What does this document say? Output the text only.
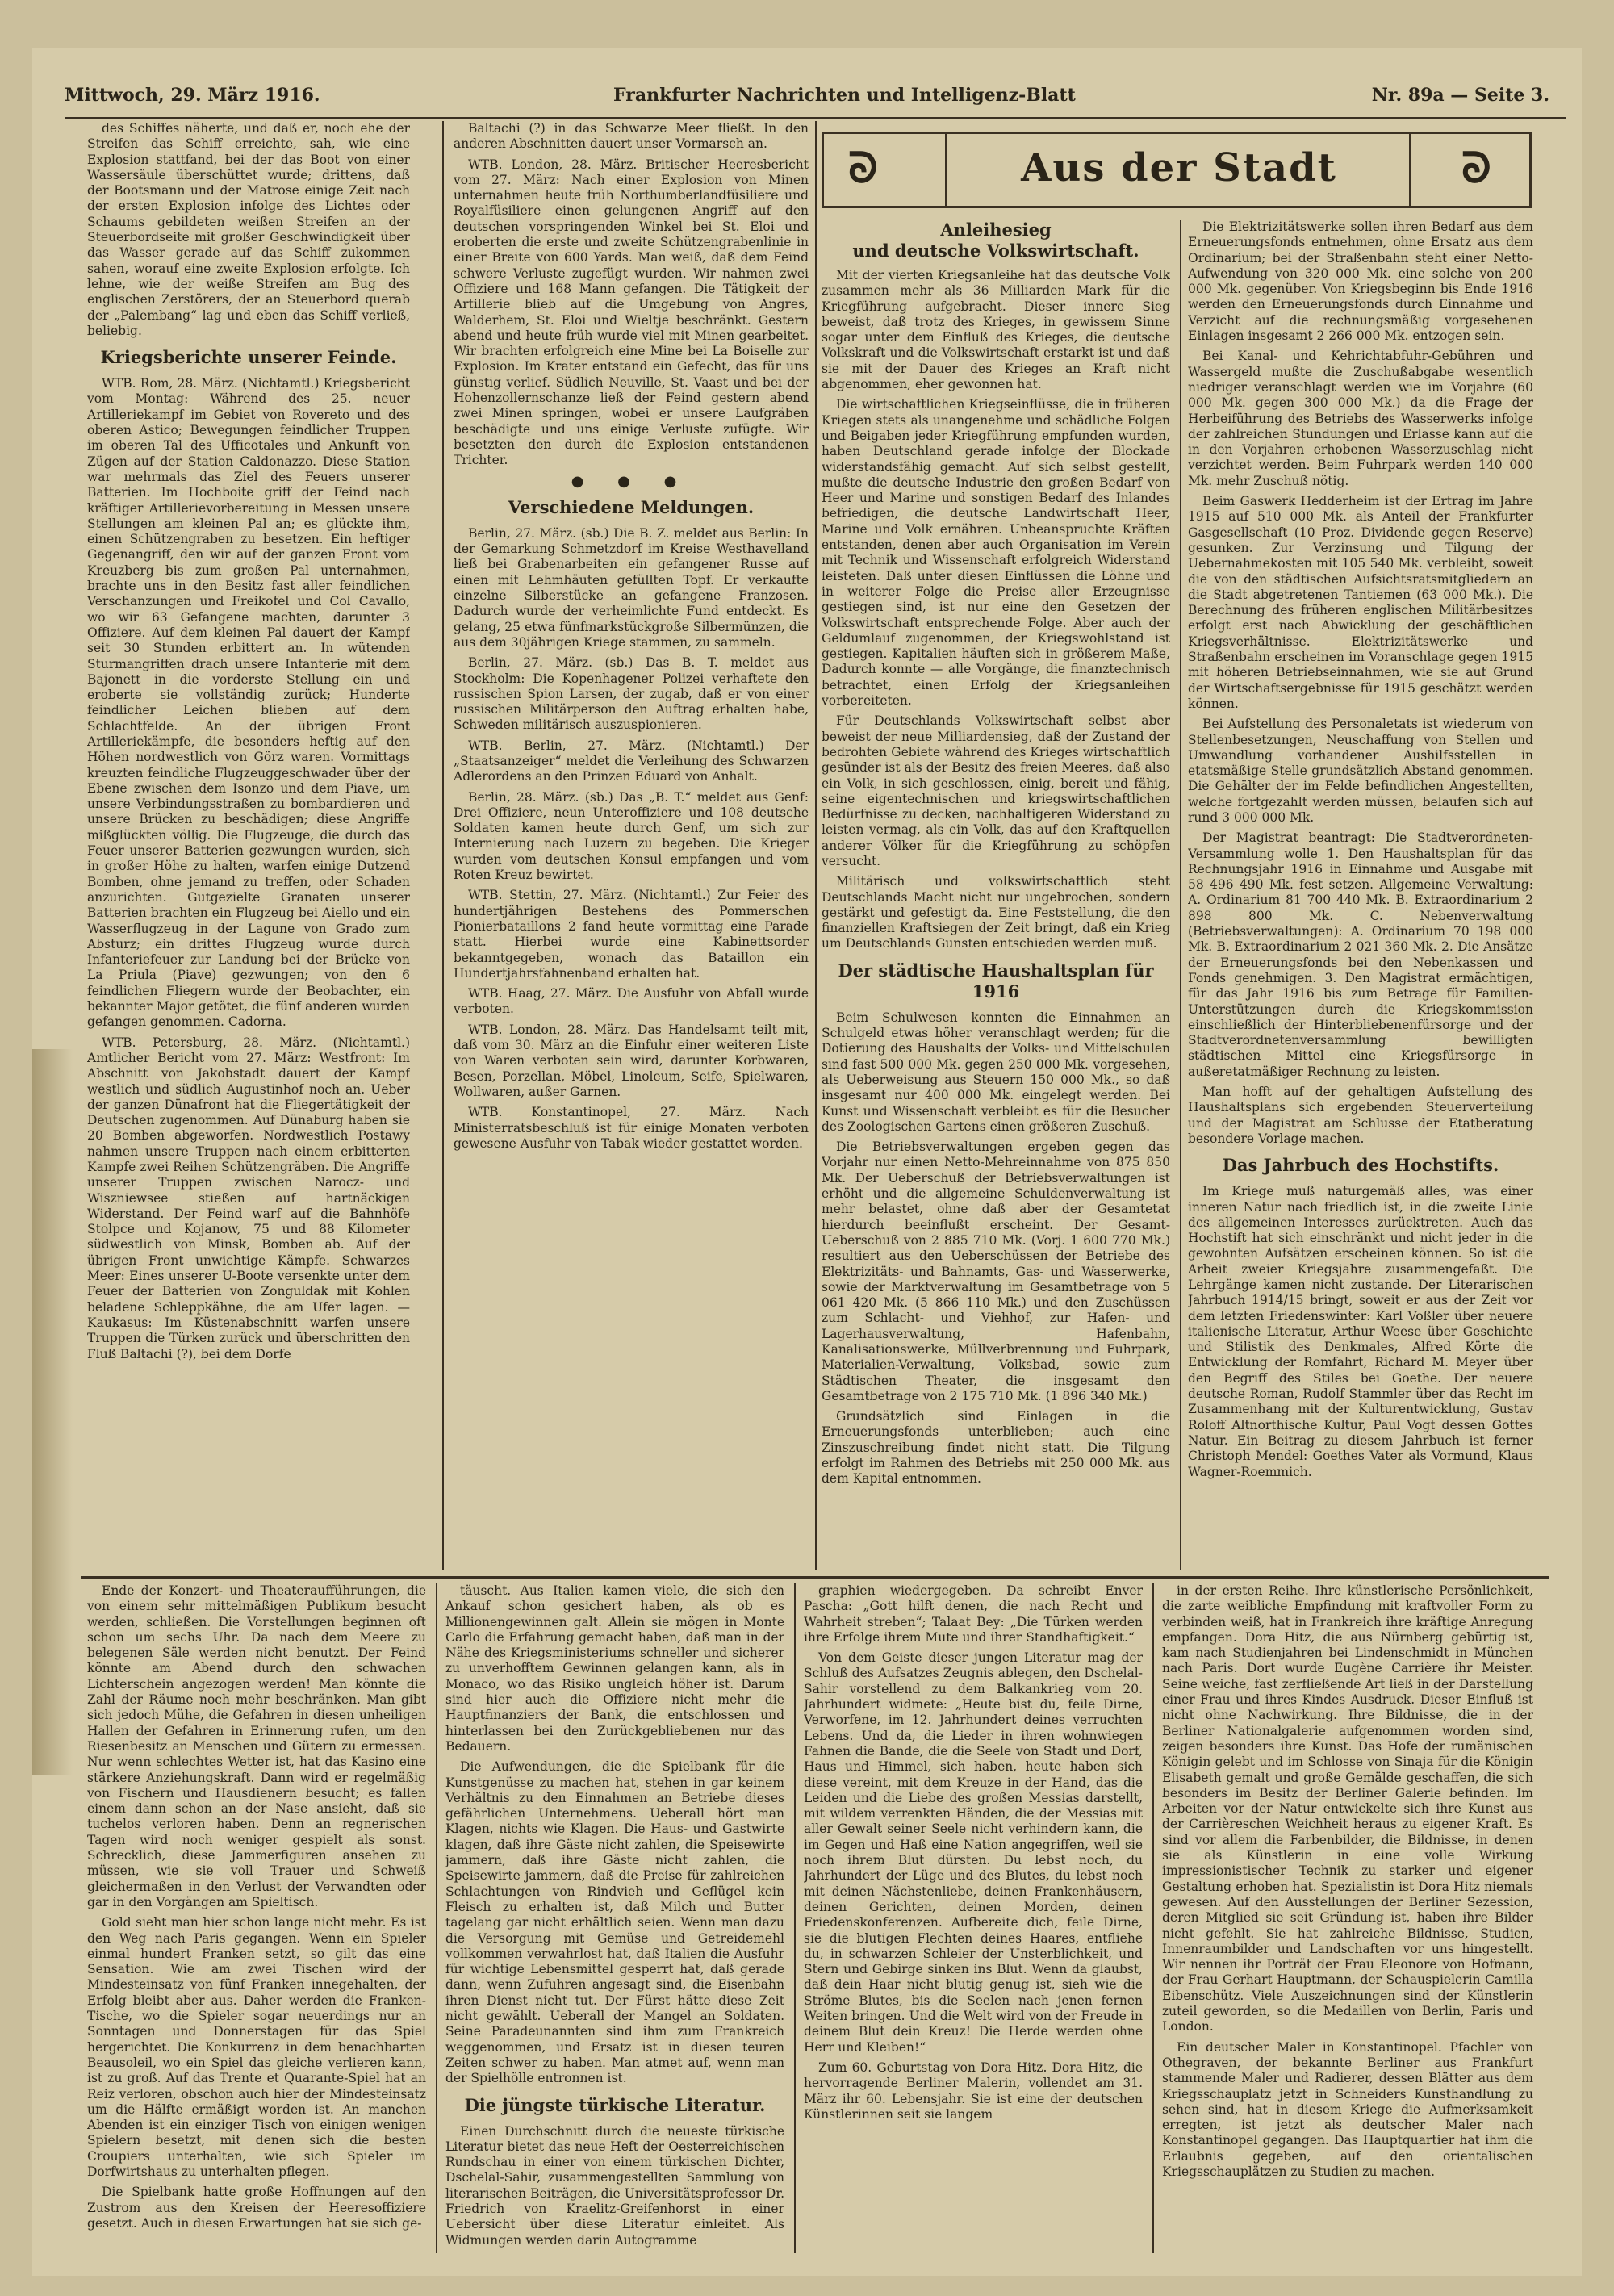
Mittwoch, 29. März 1916.	Frankfurter Nachrichten und Intelligenz-Blatt	Nr. 89a — Seite 3.

des Schiffes näherte, und daß er, noch ehe der Streifen das Schiff erreichte, sah, wie eine Explosion stattfand, bei der das Boot von einer Wassersäule überschüttet wurde; drittens, daß der Bootsmann und der Matrose einige Zeit nach der ersten Explosion infolge des Lichtes oder Schaums gebildeten weißen Streifen an der Steuerbordseite mit großer Geschwindigkeit über das Wasser gerade auf das Schiff zukommen sahen, worauf eine zweite Explosion erfolgte. Ich lehne, wie der weiße Streifen am Bug des englischen Zerstörers, der an Steuerbord querab der „Palembang“ lag und eben das Schiff verließ, beliebig.

Kriegsberichte unserer Feinde.

WTB. Rom, 28. März. (Nichtamtl.) Kriegsbericht vom Montag: Während des 25. neuer Artilleriekampf im Gebiet von Rovereto und des oberen Astico; Bewegungen feindlicher Truppen im oberen Tal des Ufficotales und Ankunft von Zügen auf der Station Caldonazzo. Diese Station war mehrmals das Ziel des Feuers unserer Batterien. Im Hochboite griff der Feind nach kräftiger Artillerievorbereitung in Messen unsere Stellungen am kleinen Pal an; es glückte ihm, einen Schützengraben zu besetzen. Ein heftiger Gegenangriff, den wir auf der ganzen Front vom Kreuzberg bis zum großen Pal unternahmen, brachte uns in den Besitz fast aller feindlichen Verschanzungen und Freikofel und Col Cavallo, wo wir 63 Gefangene machten, darunter 3 Offiziere. Auf dem kleinen Pal dauert der Kampf seit 30 Stunden erbittert an. In wütenden Sturmangriffen drach unsere Infanterie mit dem Bajonett in die vorderste Stellung ein und eroberte sie vollständig zurück; Hunderte feindlicher Leichen blieben auf dem Schlachtfelde. An der übrigen Front Artilleriekämpfe, die besonders heftig auf den Höhen nordwestlich von Görz waren. Vormittags kreuzten feindliche Flugzeuggeschwader über der Ebene zwischen dem Isonzo und dem Piave, um unsere Verbindungsstraßen zu bombardieren und unsere Brücken zu beschädigen; diese Angriffe mißglückten völlig. Die Flugzeuge, die durch das Feuer unserer Batterien gezwungen wurden, sich in großer Höhe zu halten, warfen einige Dutzend Bomben, ohne jemand zu treffen, oder Schaden anzurichten. Gutgezielte Granaten unserer Batterien brachten ein Flugzeug bei Aiello und ein Wasserflugzeug in der Lagune von Grado zum Absturz; ein drittes Flugzeug wurde durch Infanteriefeuer zur Landung bei der Brücke von La Priula (Piave) gezwungen; von den 6 feindlichen Fliegern wurde der Beobachter, ein bekannter Major getötet, die fünf anderen wurden gefangen genommen. Cadorna.

WTB. Petersburg, 28. März. (Nichtamtl.) Amtlicher Bericht vom 27. März: Westfront: Im Abschnitt von Jakobstadt dauert der Kampf westlich und südlich Augustinhof noch an. Ueber der ganzen Dünafront hat die Fliegertätigkeit der Deutschen zugenommen. Auf Dünaburg haben sie 20 Bomben abgeworfen. Nordwestlich Postawy nahmen unsere Truppen nach einem erbitterten Kampfe zwei Reihen Schützengräben. Die Angriffe unserer Truppen zwischen Narocz- und Wiszniewsee stießen auf hartnäckigen Widerstand. Der Feind warf auf die Bahnhöfe Stolpce und Kojanow, 75 und 88 Kilometer südwestlich von Minsk, Bomben ab. Auf der übrigen Front unwichtige Kämpfe. Schwarzes Meer: Eines unserer U-Boote versenkte unter dem Feuer der Batterien von Zonguldak mit Kohlen beladene Schleppkähne, die am Ufer lagen. — Kaukasus: Im Küstenabschnitt warfen unsere Truppen die Türken zurück und überschritten den Fluß Baltachi (?), bei dem Dorfe

Baltachi (?) in das Schwarze Meer fließt. In den anderen Abschnitten dauert unser Vormarsch an.

WTB. London, 28. März. Britischer Heeresbericht vom 27. März: Nach einer Explosion von Minen unternahmen heute früh Northumberlandfüsiliere und Royalfüsiliere einen gelungenen Angriff auf den deutschen vorspringenden Winkel bei St. Eloi und eroberten die erste und zweite Schützengrabenlinie in einer Breite von 600 Yards. Man weiß, daß dem Feind schwere Verluste zugefügt wurden. Wir nahmen zwei Offiziere und 168 Mann gefangen. Die Tätigkeit der Artillerie blieb auf die Umgebung von Angres, Walderhem, St. Eloi und Wieltje beschränkt. Gestern abend und heute früh wurde viel mit Minen gearbeitet. Wir brachten erfolgreich eine Mine bei La Boiselle zur Explosion. Im Krater entstand ein Gefecht, das für uns günstig verlief. Südlich Neuville, St. Vaast und bei der Hohenzollernschanze ließ der Feind gestern abend zwei Minen springen, wobei er unsere Laufgräben beschädigte und uns einige Verluste zufügte. Wir besetzten den durch die Explosion entstandenen Trichter.

● ● ●
Verschiedene Meldungen.

Berlin, 27. März. (sb.) Die B. Z. meldet aus Berlin: In der Gemarkung Schmetzdorf im Kreise Westhavelland ließ bei Grabenarbeiten ein gefangener Russe auf einen mit Lehmhäuten gefüllten Topf. Er verkaufte einzelne Silberstücke an gefangene Franzosen. Dadurch wurde der verheimlichte Fund entdeckt. Es gelang, 25 etwa fünfmarkstückgroße Silbermünzen, die aus dem 30jährigen Kriege stammen, zu sammeln.

Berlin, 27. März. (sb.) Das B. T. meldet aus Stockholm: Die Kopenhagener Polizei verhaftete den russischen Spion Larsen, der zugab, daß er von einer russischen Militärperson den Auftrag erhalten habe, Schweden militärisch auszuspionieren.

WTB. Berlin, 27. März. (Nichtamtl.) Der „Staatsanzeiger“ meldet die Verleihung des Schwarzen Adlerordens an den Prinzen Eduard von Anhalt.

Berlin, 28. März. (sb.) Das „B. T.“ meldet aus Genf: Drei Offiziere, neun Unteroffiziere und 108 deutsche Soldaten kamen heute durch Genf, um sich zur Internierung nach Luzern zu begeben. Die Krieger wurden vom deutschen Konsul empfangen und vom Roten Kreuz bewirtet.

WTB. Stettin, 27. März. (Nichtamtl.) Zur Feier des hundertjährigen Bestehens des Pommerschen Pionierbataillons 2 fand heute vormittag eine Parade statt. Hierbei wurde eine Kabinettsorder bekanntgegeben, wonach das Bataillon ein Hundertjahrsfahnenband erhalten hat.

WTB. Haag, 27. März. Die Ausfuhr von Abfall wurde verboten.

WTB. London, 28. März. Das Handelsamt teilt mit, daß vom 30. März an die Einfuhr einer weiteren Liste von Waren verboten sein wird, darunter Korbwaren, Besen, Porzellan, Möbel, Linoleum, Seife, Spielwaren, Wollwaren, außer Garnen.

WTB. Konstantinopel, 27. März. Nach Ministerratsbeschluß ist für einige Monaten verboten gewesene Ausfuhr von Tabak wieder gestattet worden.

ᘐ	Aus der Stadt	ᘐ
Anleihesieg
und deutsche Volkswirtschaft.

Mit der vierten Kriegsanleihe hat das deutsche Volk zusammen mehr als 36 Milliarden Mark für die Kriegführung aufgebracht. Dieser innere Sieg beweist, daß trotz des Krieges, in gewissem Sinne sogar unter dem Einfluß des Krieges, die deutsche Volkskraft und die Volkswirtschaft erstarkt ist und daß sie mit der Dauer des Krieges an Kraft nicht abgenommen, eher gewonnen hat.

Die wirtschaftlichen Kriegseinflüsse, die in früheren Kriegen stets als unangenehme und schädliche Folgen und Beigaben jeder Kriegführung empfunden wurden, haben Deutschland gerade infolge der Blockade widerstandsfähig gemacht. Auf sich selbst gestellt, mußte die deutsche Industrie den großen Bedarf von Heer und Marine und sonstigen Bedarf des Inlandes befriedigen, die deutsche Landwirtschaft Heer, Marine und Volk ernähren. Unbeanspruchte Kräften entstanden, denen aber auch Organisation im Verein mit Technik und Wissenschaft erfolgreich Widerstand leisteten. Daß unter diesen Einflüssen die Löhne und in weiterer Folge die Preise aller Erzeugnisse gestiegen sind, ist nur eine den Gesetzen der Volkswirtschaft entsprechende Folge. Aber auch der Geldumlauf zugenommen, der Kriegswohlstand ist gestiegen. Kapitalien häuften sich in größerem Maße, Dadurch konnte — alle Vorgänge, die finanztechnisch betrachtet, einen Erfolg der Kriegsanleihen vorbereiteten.

Für Deutschlands Volkswirtschaft selbst aber beweist der neue Milliardensieg, daß der Zustand der bedrohten Gebiete während des Krieges wirtschaftlich gesünder ist als der Besitz des freien Meeres, daß also ein Volk, in sich geschlossen, einig, bereit und fähig, seine eigentechnischen und kriegswirtschaftlichen Bedürfnisse zu decken, nachhaltigeren Widerstand zu leisten vermag, als ein Volk, das auf den Kraftquellen anderer Völker für die Kriegführung zu schöpfen versucht.

Militärisch und volkswirtschaftlich steht Deutschlands Macht nicht nur ungebrochen, sondern gestärkt und gefestigt da. Eine Feststellung, die den finanziellen Kraftsiegen der Zeit bringt, daß ein Krieg um Deutschlands Gunsten entschieden werden muß.

Der städtische Haushaltsplan für 1916

Beim Schulwesen konnten die Einnahmen an Schulgeld etwas höher veranschlagt werden; für die Dotierung des Haushalts der Volks- und Mittelschulen sind fast 500 000 Mk. gegen 250 000 Mk. vorgesehen, als Ueberweisung aus Steuern 150 000 Mk., so daß insgesamt nur 400 000 Mk. eingelegt werden. Bei Kunst und Wissenschaft verbleibt es für die Besucher des Zoologischen Gartens einen größeren Zuschuß.

Die Betriebsverwaltungen ergeben gegen das Vorjahr nur einen Netto-Mehreinnahme von 875 850 Mk. Der Ueberschuß der Betriebsverwaltungen ist erhöht und die allgemeine Schuldenverwaltung ist mehr belastet, ohne daß aber der Gesamtetat hierdurch beeinflußt erscheint. Der Gesamt-Ueberschuß von 2 885 710 Mk. (Vorj. 1 600 770 Mk.) resultiert aus den Ueberschüssen der Betriebe des Elektrizitäts- und Bahnamts, Gas- und Wasserwerke, sowie der Marktverwaltung im Gesamtbetrage von 5 061 420 Mk. (5 866 110 Mk.) und den Zuschüssen zum Schlacht- und Viehhof, zur Hafen- und Lagerhausverwaltung, Hafenbahn, Kanalisationswerke, Müllverbrennung und Fuhrpark, Materialien-Verwaltung, Volksbad, sowie zum Städtischen Theater, die insgesamt den Gesamtbetrage von 2 175 710 Mk. (1 896 340 Mk.)

Grundsätzlich sind Einlagen in die Erneuerungsfonds unterblieben; auch eine Zinszuschreibung findet nicht statt. Die Tilgung erfolgt im Rahmen des Betriebs mit 250 000 Mk. aus dem Kapital entnommen.

Die Elektrizitätswerke sollen ihren Bedarf aus dem Erneuerungsfonds entnehmen, ohne Ersatz aus dem Ordinarium; bei der Straßenbahn steht einer Netto-Aufwendung von 320 000 Mk. eine solche von 200 000 Mk. gegenüber. Von Kriegsbeginn bis Ende 1916 werden den Erneuerungsfonds durch Einnahme und Verzicht auf die rechnungsmäßig vorgesehenen Einlagen insgesamt 2 266 000 Mk. entzogen sein.

Bei Kanal- und Kehrichtabfuhr-Gebühren und Wassergeld mußte die Zuschußabgabe wesentlich niedriger veranschlagt werden wie im Vorjahre (60 000 Mk. gegen 300 000 Mk.) da die Frage der Herbeiführung des Betriebs des Wasserwerks infolge der zahlreichen Stundungen und Erlasse kann auf die in den Vorjahren erhobenen Wasserzuschlag nicht verzichtet werden. Beim Fuhrpark werden 140 000 Mk. mehr Zuschuß nötig.

Beim Gaswerk Hedderheim ist der Ertrag im Jahre 1915 auf 510 000 Mk. als Anteil der Frankfurter Gasgesellschaft (10 Proz. Dividende gegen Reserve) gesunken. Zur Verzinsung und Tilgung der Uebernahmekosten mit 105 540 Mk. verbleibt, soweit die von den städtischen Aufsichtsratsmitgliedern an die Stadt abgetretenen Tantiemen (63 000 Mk.). Die Berechnung des früheren englischen Militärbesitzes erfolgt erst nach Abwicklung der geschäftlichen Kriegsverhältnisse. Elektrizitätswerke und Straßenbahn erscheinen im Voranschlage gegen 1915 mit höheren Betriebseinnahmen, wie sie auf Grund der Wirtschaftsergebnisse für 1915 geschätzt werden können.

Bei Aufstellung des Personaletats ist wiederum von Stellenbesetzungen, Neuschaffung von Stellen und Umwandlung vorhandener Aushilfsstellen in etatsmäßige Stelle grundsätzlich Abstand genommen. Die Gehälter der im Felde befindlichen Angestellten, welche fortgezahlt werden müssen, belaufen sich auf rund 3 000 000 Mk.

Der Magistrat beantragt: Die Stadtverordneten-Versammlung wolle 1. Den Haushaltsplan für das Rechnungsjahr 1916 in Einnahme und Ausgabe mit 58 496 490 Mk. fest setzen. Allgemeine Verwaltung: A. Ordinarium 81 700 440 Mk. B. Extraordinarium 2 898 800 Mk. C. Nebenverwaltung (Betriebsverwaltungen): A. Ordinarium 70 198 000 Mk. B. Extraordinarium 2 021 360 Mk. 2. Die Ansätze der Erneuerungsfonds bei den Nebenkassen und Fonds genehmigen. 3. Den Magistrat ermächtigen, für das Jahr 1916 bis zum Betrage für Familien-Unterstützungen durch die Kriegskommission einschließlich der Hinterbliebenenfürsorge und der Stadtverordnetenversammlung bewilligten städtischen Mittel eine Kriegsfürsorge in außeretatmäßiger Rechnung zu leisten.

Man hofft auf der gehaltigen Aufstellung des Haushaltsplans sich ergebenden Steuerverteilung und der Magistrat am Schlusse der Etatberatung besondere Vorlage machen.

Das Jahrbuch des Hochstifts.

Im Kriege muß naturgemäß alles, was einer inneren Natur nach friedlich ist, in die zweite Linie des allgemeinen Interesses zurücktreten. Auch das Hochstift hat sich einschränkt und nicht jeder in die gewohnten Aufsätzen erscheinen können. So ist die Arbeit zweier Kriegsjahre zusammengefaßt. Die Lehrgänge kamen nicht zustande. Der Literarischen Jahrbuch 1914/15 bringt, soweit er aus der Zeit vor dem letzten Friedenswinter: Karl Voßler über neuere italienische Literatur, Arthur Weese über Geschichte und Stilistik des Denkmales, Alfred Körte die Entwicklung der Romfahrt, Richard M. Meyer über den Begriff des Stiles bei Goethe. Der neuere deutsche Roman, Rudolf Stammler über das Recht im Zusammenhang mit der Kulturentwicklung, Gustav Roloff Altnorthische Kultur, Paul Vogt dessen Gottes Natur. Ein Beitrag zu diesem Jahrbuch ist ferner Christoph Mendel: Goethes Vater als Vormund, Klaus Wagner-Roemmich.

Ende der Konzert- und Theateraufführungen, die von einem sehr mittelmäßigen Publikum besucht werden, schließen. Die Vorstellungen beginnen oft schon um sechs Uhr. Da nach dem Meere zu belegenen Säle werden nicht benutzt. Der Feind könnte am Abend durch den schwachen Lichterschein angezogen werden! Man könnte die Zahl der Räume noch mehr beschränken. Man gibt sich jedoch Mühe, die Gefahren in diesen unheiligen Hallen der Gefahren in Erinnerung rufen, um den Riesenbesitz an Menschen und Gütern zu ermessen. Nur wenn schlechtes Wetter ist, hat das Kasino eine stärkere Anziehungskraft. Dann wird er regelmäßig von Fischern und Hausdienern besucht; es fallen einem dann schon an der Nase ansieht, daß sie tuchelos verloren haben. Denn an regnerischen Tagen wird noch weniger gespielt als sonst. Schrecklich, diese Jammerfiguren ansehen zu müssen, wie sie voll Trauer und Schweiß gleichermaßen in den Verlust der Verwandten oder gar in den Vorgängen am Spieltisch.

Gold sieht man hier schon lange nicht mehr. Es ist den Weg nach Paris gegangen. Wenn ein Spieler einmal hundert Franken setzt, so gilt das eine Sensation. Wie am zwei Tischen wird der Mindesteinsatz von fünf Franken innegehalten, der Erfolg bleibt aber aus. Daher werden die Franken-Tische, wo die Spieler sogar neuerdings nur an Sonntagen und Donnerstagen für das Spiel hergerichtet. Die Konkurrenz in dem benachbarten Beausoleil, wo ein Spiel das gleiche verlieren kann, ist zu groß. Auf das Trente et Quarante-Spiel hat an Reiz verloren, obschon auch hier der Mindesteinsatz um die Hälfte ermäßigt worden ist. An manchen Abenden ist ein einziger Tisch von einigen wenigen Spielern besetzt, mit denen sich die besten Croupiers unterhalten, wie sich Spieler im Dorfwirtshaus zu unterhalten pflegen.

Die Spielbank hatte große Hoffnungen auf den Zustrom aus den Kreisen der Heeresoffiziere gesetzt. Auch in diesen Erwartungen hat sie sich ge-

täuscht. Aus Italien kamen viele, die sich den Ankauf schon gesichert haben, als ob es Millionengewinnen galt. Allein sie mögen in Monte Carlo die Erfahrung gemacht haben, daß man in der Nähe des Kriegsministeriums schneller und sicherer zu unverhofftem Gewinnen gelangen kann, als in Monaco, wo das Risiko ungleich höher ist. Darum sind hier auch die Offiziere nicht mehr die Hauptfinanziers der Bank, die entschlossen und hinterlassen bei den Zurückgebliebenen nur das Bedauern.

Die Aufwendungen, die die Spielbank für die Kunstgenüsse zu machen hat, stehen in gar keinem Verhältnis zu den Einnahmen an Betriebe dieses gefährlichen Unternehmens. Ueberall hört man Klagen, nichts wie Klagen. Die Haus- und Gastwirte klagen, daß ihre Gäste nicht zahlen, die Speisewirte jammern, daß ihre Gäste nicht zahlen, die Speisewirte jammern, daß die Preise für zahlreichen Schlachtungen von Rindvieh und Geflügel kein Fleisch zu erhalten ist, daß Milch und Butter tagelang gar nicht erhältlich seien. Wenn man dazu die Versorgung mit Gemüse und Getreidemehl vollkommen verwahrlost hat, daß Italien die Ausfuhr für wichtige Lebensmittel gesperrt hat, daß gerade dann, wenn Zufuhren angesagt sind, die Eisenbahn ihren Dienst nicht tut. Der Fürst hätte diese Zeit nicht gewählt. Ueberall der Mangel an Soldaten. Seine Paradeunannten sind ihm zum Frankreich weggenommen, und Ersatz ist in diesen teuren Zeiten schwer zu haben. Man atmet auf, wenn man der Spielhölle entronnen ist.

Die jüngste türkische Literatur.

Einen Durchschnitt durch die neueste türkische Literatur bietet das neue Heft der Oesterreichischen Rundschau in einer von einem türkischen Dichter, Dschelal-Sahir, zusammengestellten Sammlung von literarischen Beiträgen, die Universitätsprofessor Dr. Friedrich von Kraelitz-Greifenhorst in einer Uebersicht über diese Literatur einleitet. Als Widmungen werden darin Autogramme

graphien wiedergegeben. Da schreibt Enver Pascha: „Gott hilft denen, die nach Recht und Wahrheit streben“; Talaat Bey: „Die Türken werden ihre Erfolge ihrem Mute und ihrer Standhaftigkeit.“

Von dem Geiste dieser jungen Literatur mag der Schluß des Aufsatzes Zeugnis ablegen, den Dschelal-Sahir vorstellend zu dem Balkankrieg vom 20. Jahrhundert widmete: „Heute bist du, feile Dirne, Verworfene, im 12. Jahrhundert deines verruchten Lebens. Und da, die Lieder in ihren wohnwiegen Fahnen die Bande, die die Seele von Stadt und Dorf, Haus und Himmel, sich haben, heute haben sich diese vereint, mit dem Kreuze in der Hand, das die Leiden und die Liebe des großen Messias darstellt, mit wildem verrenkten Händen, die der Messias mit aller Gewalt seiner Seele nicht verhindern kann, die im Gegen und Haß eine Nation angegriffen, weil sie noch ihrem Blut dürsten. Du lebst noch, du Jahrhundert der Lüge und des Blutes, du lebst noch mit deinen Nächstenliebe, deinen Frankenhäusern, deinen Gerichten, deinen Morden, deinen Friedenskonferenzen. Aufbereite dich, feile Dirne, sie die blutigen Flechten deines Haares, entfliehe du, in schwarzen Schleier der Unsterblichkeit, und Stern und Gebirge sinken ins Blut. Wenn da glaubst, daß dein Haar nicht blutig genug ist, sieh wie die Ströme Blutes, bis die Seelen nach jenen fernen Weiten bringen. Und die Welt wird von der Freude in deinem Blut dein Kreuz! Die Herde werden ohne Herr und Kleiben!“

Zum 60. Geburtstag von Dora Hitz. Dora Hitz, die hervorragende Berliner Malerin, vollendet am 31. März ihr 60. Lebensjahr. Sie ist eine der deutschen Künstlerinnen seit sie langem

in der ersten Reihe. Ihre künstlerische Persönlichkeit, die zarte weibliche Empfindung mit kraftvoller Form zu verbinden weiß, hat in Frankreich ihre kräftige Anregung empfangen. Dora Hitz, die aus Nürnberg gebürtig ist, kam nach Studienjahren bei Lindenschmidt in München nach Paris. Dort wurde Eugène Carrière ihr Meister. Seine weiche, fast zerfließende Art ließ in der Darstellung einer Frau und ihres Kindes Ausdruck. Dieser Einfluß ist nicht ohne Nachwirkung. Ihre Bildnisse, die in der Berliner Nationalgalerie aufgenommen worden sind, zeigen besonders ihre Kunst. Das Hofe der rumänischen Königin gelebt und im Schlosse von Sinaja für die Königin Elisabeth gemalt und große Gemälde geschaffen, die sich besonders im Besitz der Berliner Galerie befinden. Im Arbeiten vor der Natur entwickelte sich ihre Kunst aus der Carrièreschen Weichheit heraus zu eigener Kraft. Es sind vor allem die Farbenbilder, die Bildnisse, in denen sie als Künstlerin in eine volle Wirkung impressionistischer Technik zu starker und eigener Gestaltung erhoben hat. Spezialistin ist Dora Hitz niemals gewesen. Auf den Ausstellungen der Berliner Sezession, deren Mitglied sie seit Gründung ist, haben ihre Bilder nicht gefehlt. Sie hat zahlreiche Bildnisse, Studien, Innenraumbilder und Landschaften vor uns hingestellt. Wir nennen ihr Porträt der Frau Eleonore von Hofmann, der Frau Gerhart Hauptmann, der Schauspielerin Camilla Eibenschütz. Viele Auszeichnungen sind der Künstlerin zuteil geworden, so die Medaillen von Berlin, Paris und London.

Ein deutscher Maler in Konstantinopel. Pfachler von Othegraven, der bekannte Berliner aus Frankfurt stammende Maler und Radierer, dessen Blätter aus dem Kriegsschauplatz jetzt in Schneiders Kunsthandlung zu sehen sind, hat in diesem Kriege die Aufmerksamkeit erregten, ist jetzt als deutscher Maler nach Konstantinopel gegangen. Das Hauptquartier hat ihm die Erlaubnis gegeben, auf den orientalischen Kriegsschauplätzen zu Studien zu machen.
